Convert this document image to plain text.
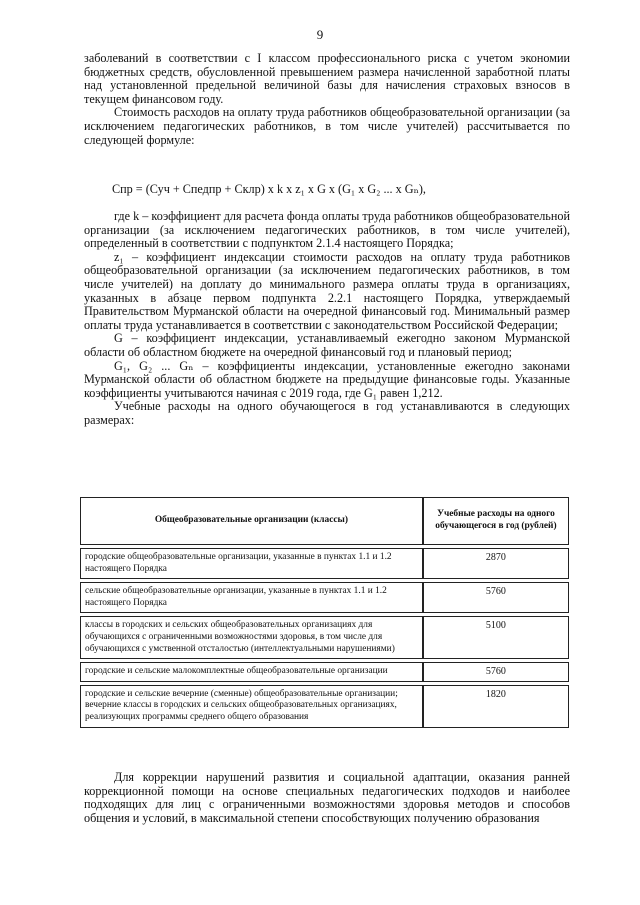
9

заболеваний в соответствии с I классом профессионального риска с учетом экономии бюджетных средств, обусловленной превышением размера начисленной заработной платы над установленной предельной величиной базы для начисления страховых взносов в текущем финансовом году.

Стоимость расходов на оплату труда работников общеобразовательной организации (за исключением педагогических работников, в том числе учителей) рассчитывается по следующей формуле:

Спр = (Суч + Спедпр + Склр) х k х z₁ х G х (G₁ х G₂ ... х Gₙ),

где k – коэффициент для расчета фонда оплаты труда работников общеобразовательной организации (за исключением педагогических работников, в том числе учителей), определенный в соответствии с подпунктом 2.1.4 настоящего Порядка;

z₁ – коэффициент индексации стоимости расходов на оплату труда работников общеобразовательной организации (за исключением педагогических работников, в том числе учителей) на доплату до минимального размера оплаты труда в организациях, указанных в абзаце первом подпункта 2.2.1 настоящего Порядка, утверждаемый Правительством Мурманской области на очередной финансовый год. Минимальный размер оплаты труда устанавливается в соответствии с законодательством Российской Федерации;

G – коэффициент индексации, устанавливаемый ежегодно законом Мурманской области об областном бюджете на очередной финансовый год и плановый период;

G₁, G₂ ... Gₙ – коэффициенты индексации, установленные ежегодно законами Мурманской области об областном бюджете на предыдущие финансовые годы. Указанные коэффициенты учитываются начиная с 2019 года, где G₁ равен 1,212.

Учебные расходы на одного обучающегося в год устанавливаются в следующих размерах:

Общеобразовательные организации (классы)	Учебные расходы на одного обучающегося в год (рублей)
городские общеобразовательные организации, указанные в пунктах 1.1 и 1.2 настоящего Порядка	2870
сельские общеобразовательные организации, указанные в пунктах 1.1 и 1.2 настоящего Порядка	5760
классы в городских и сельских общеобразовательных организациях для обучающихся с ограниченными возможностями здоровья, в том числе для обучающихся с умственной отсталостью (интеллектуальными нарушениями)	5100
городские и сельские малокомплектные общеобразовательные организации	5760
городские и сельские вечерние (сменные) общеобразовательные организации; вечерние классы в городских и сельских общеобразовательных организациях, реализующих программы среднего общего образования	1820

Для коррекции нарушений развития и социальной адаптации, оказания ранней коррекционной помощи на основе специальных педагогических подходов и наиболее подходящих для лиц с ограниченными возможностями здоровья методов и способов общения и условий, в максимальной степени способствующих получению образования
